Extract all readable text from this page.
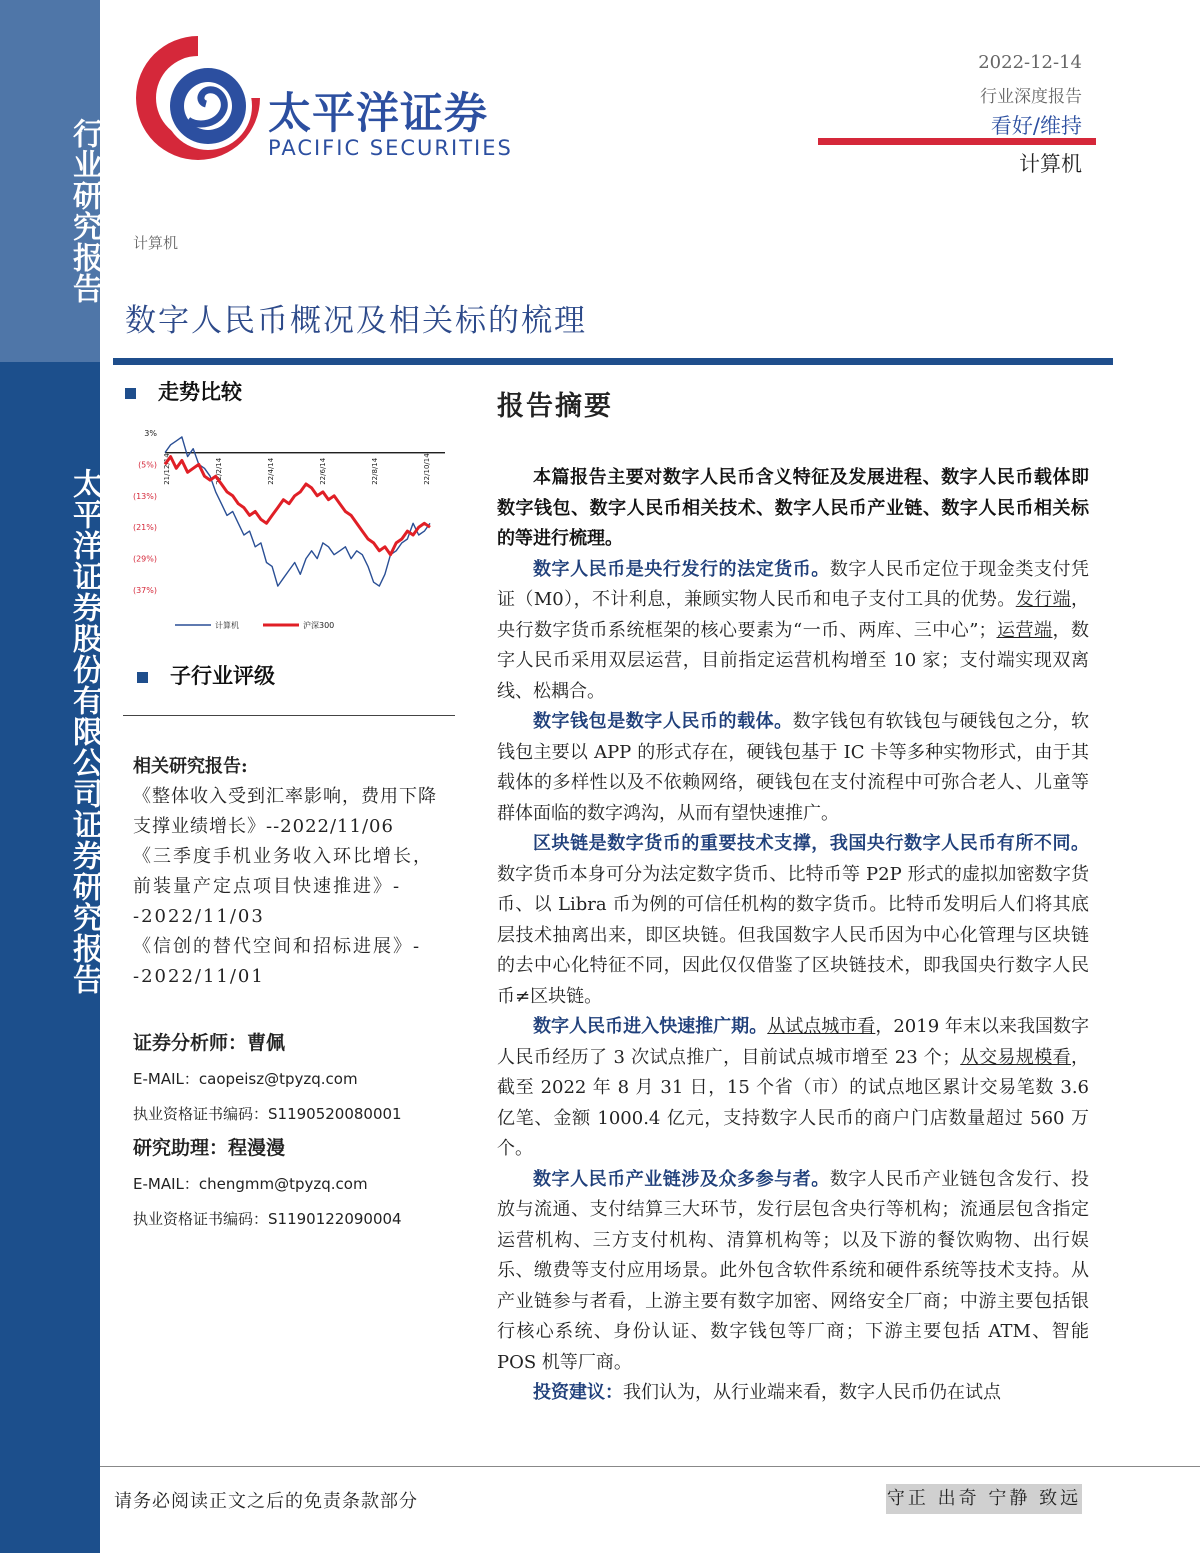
行业研究报告
太平洋证券股份有限公司证券研究报告
太平洋证券
PACIFIC SECURITIES
2022-12-14
行业深度报告
看好/维持
计算机
计算机
数字人民币概况及相关标的梳理
走势比较
3%
(5%)
(13%)
(21%)
(29%)
(37%)
21/12/14	22/2/14	22/4/14	22/6/14	22/8/14	22/10/14
计算机	沪深300
子行业评级
相关研究报告:
《整体收入受到汇率影响，费用下降支撑业绩增长》--2022/11/06
《三季度手机业务收入环比增长，前装量产定点项目快速推进》--2022/11/03
《信创的替代空间和招标进展》--2022/11/01
证券分析师：曹佩
E-MAIL：caopeisz@tpyzq.com
执业资格证书编码：S1190520080001
研究助理：程漫漫
E-MAIL：chengmm@tpyzq.com
执业资格证书编码：S1190122090004
报告摘要

本篇报告主要对数字人民币含义特征及发展进程、数字人民币载体即数字钱包、数字人民币相关技术、数字人民币产业链、数字人民币相关标的等进行梳理。

数字人民币是央行发行的法定货币。数字人民币定位于现金类支付凭证（M0），不计利息，兼顾实物人民币和电子支付工具的优势。发行端，央行数字货币系统框架的核心要素为“一币、两库、三中心”；运营端，数字人民币采用双层运营，目前指定运营机构增至 10 家；支付端实现双离线、松耦合。

数字钱包是数字人民币的载体。数字钱包有软钱包与硬钱包之分，软钱包主要以 APP 的形式存在，硬钱包基于 IC 卡等多种实物形式，由于其载体的多样性以及不依赖网络，硬钱包在支付流程中可弥合老人、儿童等群体面临的数字鸿沟，从而有望快速推广。

区块链是数字货币的重要技术支撑，我国央行数字人民币有所不同。数字货币本身可分为法定数字货币、比特币等 P2P 形式的虚拟加密数字货币、以 Libra 币为例的可信任机构的数字货币。比特币发明后人们将其底层技术抽离出来，即区块链。但我国数字人民币因为中心化管理与区块链的去中心化特征不同，因此仅仅借鉴了区块链技术，即我国央行数字人民币≠区块链。

数字人民币进入快速推广期。从试点城市看，2019 年末以来我国数字人民币经历了 3 次试点推广，目前试点城市增至 23 个；从交易规模看，截至 2022 年 8 月 31 日，15 个省（市）的试点地区累计交易笔数 3.6 亿笔、金额 1000.4 亿元，支持数字人民币的商户门店数量超过 560 万个。

数字人民币产业链涉及众多参与者。数字人民币产业链包含发行、投放与流通、支付结算三大环节，发行层包含央行等机构；流通层包含指定运营机构、三方支付机构、清算机构等；以及下游的餐饮购物、出行娱乐、缴费等支付应用场景。此外包含软件系统和硬件系统等技术支持。从产业链参与者看，上游主要有数字加密、网络安全厂商；中游主要包括银行核心系统、身份认证、数字钱包等厂商；下游主要包括 ATM、智能 POS 机等厂商。

投资建议：我们认为，从行业端来看，数字人民币仍在试点

请务必阅读正文之后的免责条款部分	守正 出奇 宁静 致远
